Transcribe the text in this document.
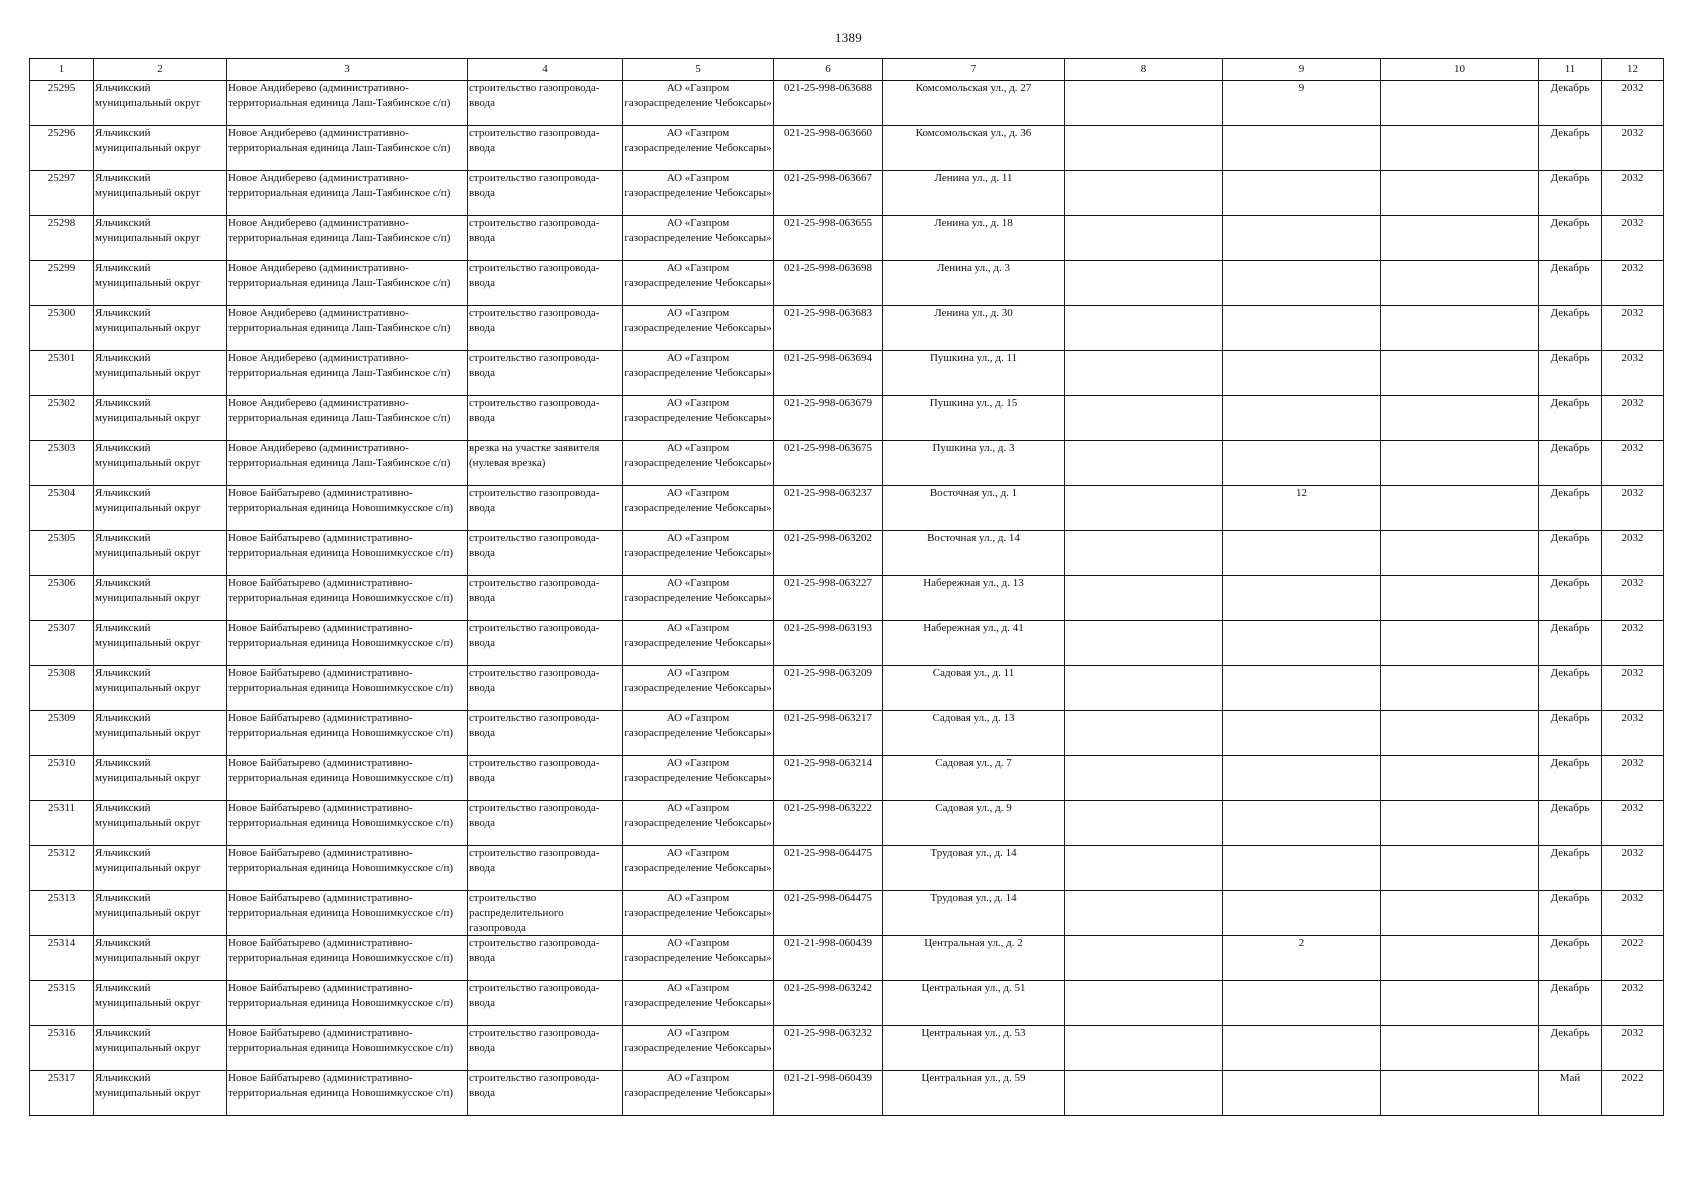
1389
1	2	3	4	5	6	7	8	9	10	11	12

25295	Яльчикский муниципальный округ	Новое Андиберево (административно-территориальная единица Лаш-Таябинское с/п)	строительство газопровода-ввода	АО «Газпром газораспределение Чебоксары»	021-25-998-063688	Комсомольская ул., д. 27		9		Декабрь	2032

25296	Яльчикский муниципальный округ	Новое Андиберево (административно-территориальная единица Лаш-Таябинское с/п)	строительство газопровода-ввода	АО «Газпром газораспределение Чебоксары»	021-25-998-063660	Комсомольская ул., д. 36				Декабрь	2032

25297	Яльчикский муниципальный округ	Новое Андиберево (административно-территориальная единица Лаш-Таябинское с/п)	строительство газопровода-ввода	АО «Газпром газораспределение Чебоксары»	021-25-998-063667	Ленина ул., д. 11				Декабрь	2032

25298	Яльчикский муниципальный округ	Новое Андиберево (административно-территориальная единица Лаш-Таябинское с/п)	строительство газопровода-ввода	АО «Газпром газораспределение Чебоксары»	021-25-998-063655	Ленина ул., д. 18				Декабрь	2032

25299	Яльчикский муниципальный округ	Новое Андиберево (административно-территориальная единица Лаш-Таябинское с/п)	строительство газопровода-ввода	АО «Газпром газораспределение Чебоксары»	021-25-998-063698	Ленина ул., д. 3				Декабрь	2032

25300	Яльчикский муниципальный округ	Новое Андиберево (административно-территориальная единица Лаш-Таябинское с/п)	строительство газопровода-ввода	АО «Газпром газораспределение Чебоксары»	021-25-998-063683	Ленина ул., д. 30				Декабрь	2032

25301	Яльчикский муниципальный округ	Новое Андиберево (административно-территориальная единица Лаш-Таябинское с/п)	строительство газопровода-ввода	АО «Газпром газораспределение Чебоксары»	021-25-998-063694	Пушкина ул., д. 11				Декабрь	2032

25302	Яльчикский муниципальный округ	Новое Андиберево (административно-территориальная единица Лаш-Таябинское с/п)	строительство газопровода-ввода	АО «Газпром газораспределение Чебоксары»	021-25-998-063679	Пушкина ул., д. 15				Декабрь	2032

25303	Яльчикский муниципальный округ	Новое Андиберево (административно-территориальная единица Лаш-Таябинское с/п)	врезка на участке заявителя (нулевая врезка)	АО «Газпром газораспределение Чебоксары»	021-25-998-063675	Пушкина ул., д. 3				Декабрь	2032

25304	Яльчикский муниципальный округ	Новое Байбатырево (административно-территориальная единица Новошимкусское с/п)	строительство газопровода-ввода	АО «Газпром газораспределение Чебоксары»	021-25-998-063237	Восточная ул., д. 1		12		Декабрь	2032

25305	Яльчикский муниципальный округ	Новое Байбатырево (административно-территориальная единица Новошимкусское с/п)	строительство газопровода-ввода	АО «Газпром газораспределение Чебоксары»	021-25-998-063202	Восточная ул., д. 14				Декабрь	2032

25306	Яльчикский муниципальный округ	Новое Байбатырево (административно-территориальная единица Новошимкусское с/п)	строительство газопровода-ввода	АО «Газпром газораспределение Чебоксары»	021-25-998-063227	Набережная ул., д. 13				Декабрь	2032

25307	Яльчикский муниципальный округ	Новое Байбатырево (административно-территориальная единица Новошимкусское с/п)	строительство газопровода-ввода	АО «Газпром газораспределение Чебоксары»	021-25-998-063193	Набережная ул., д. 41				Декабрь	2032

25308	Яльчикский муниципальный округ	Новое Байбатырево (административно-территориальная единица Новошимкусское с/п)	строительство газопровода-ввода	АО «Газпром газораспределение Чебоксары»	021-25-998-063209	Садовая ул., д. 11				Декабрь	2032

25309	Яльчикский муниципальный округ	Новое Байбатырево (административно-территориальная единица Новошимкусское с/п)	строительство газопровода-ввода	АО «Газпром газораспределение Чебоксары»	021-25-998-063217	Садовая ул., д. 13				Декабрь	2032

25310	Яльчикский муниципальный округ	Новое Байбатырево (административно-территориальная единица Новошимкусское с/п)	строительство газопровода-ввода	АО «Газпром газораспределение Чебоксары»	021-25-998-063214	Садовая ул., д. 7				Декабрь	2032

25311	Яльчикский муниципальный округ	Новое Байбатырево (административно-территориальная единица Новошимкусское с/п)	строительство газопровода-ввода	АО «Газпром газораспределение Чебоксары»	021-25-998-063222	Садовая ул., д. 9				Декабрь	2032

25312	Яльчикский муниципальный округ	Новое Байбатырево (административно-территориальная единица Новошимкусское с/п)	строительство газопровода-ввода	АО «Газпром газораспределение Чебоксары»	021-25-998-064475	Трудовая ул., д. 14				Декабрь	2032

25313	Яльчикский муниципальный округ	Новое Байбатырево (административно-территориальная единица Новошимкусское с/п)	строительство распределительного газопровода	АО «Газпром газораспределение Чебоксары»	021-25-998-064475	Трудовая ул., д. 14				Декабрь	2032

25314	Яльчикский муниципальный округ	Новое Байбатырево (административно-территориальная единица Новошимкусское с/п)	строительство газопровода-ввода	АО «Газпром газораспределение Чебоксары»	021-21-998-060439	Центральная ул., д. 2		2		Декабрь	2022

25315	Яльчикский муниципальный округ	Новое Байбатырево (административно-территориальная единица Новошимкусское с/п)	строительство газопровода-ввода	АО «Газпром газораспределение Чебоксары»	021-25-998-063242	Центральная ул., д. 51				Декабрь	2032

25316	Яльчикский муниципальный округ	Новое Байбатырево (административно-территориальная единица Новошимкусское с/п)	строительство газопровода-ввода	АО «Газпром газораспределение Чебоксары»	021-25-998-063232	Центральная ул., д. 53				Декабрь	2032

25317	Яльчикский муниципальный округ	Новое Байбатырево (административно-территориальная единица Новошимкусское с/п)	строительство газопровода-ввода	АО «Газпром газораспределение Чебоксары»	021-21-998-060439	Центральная ул., д. 59				Май	2022
